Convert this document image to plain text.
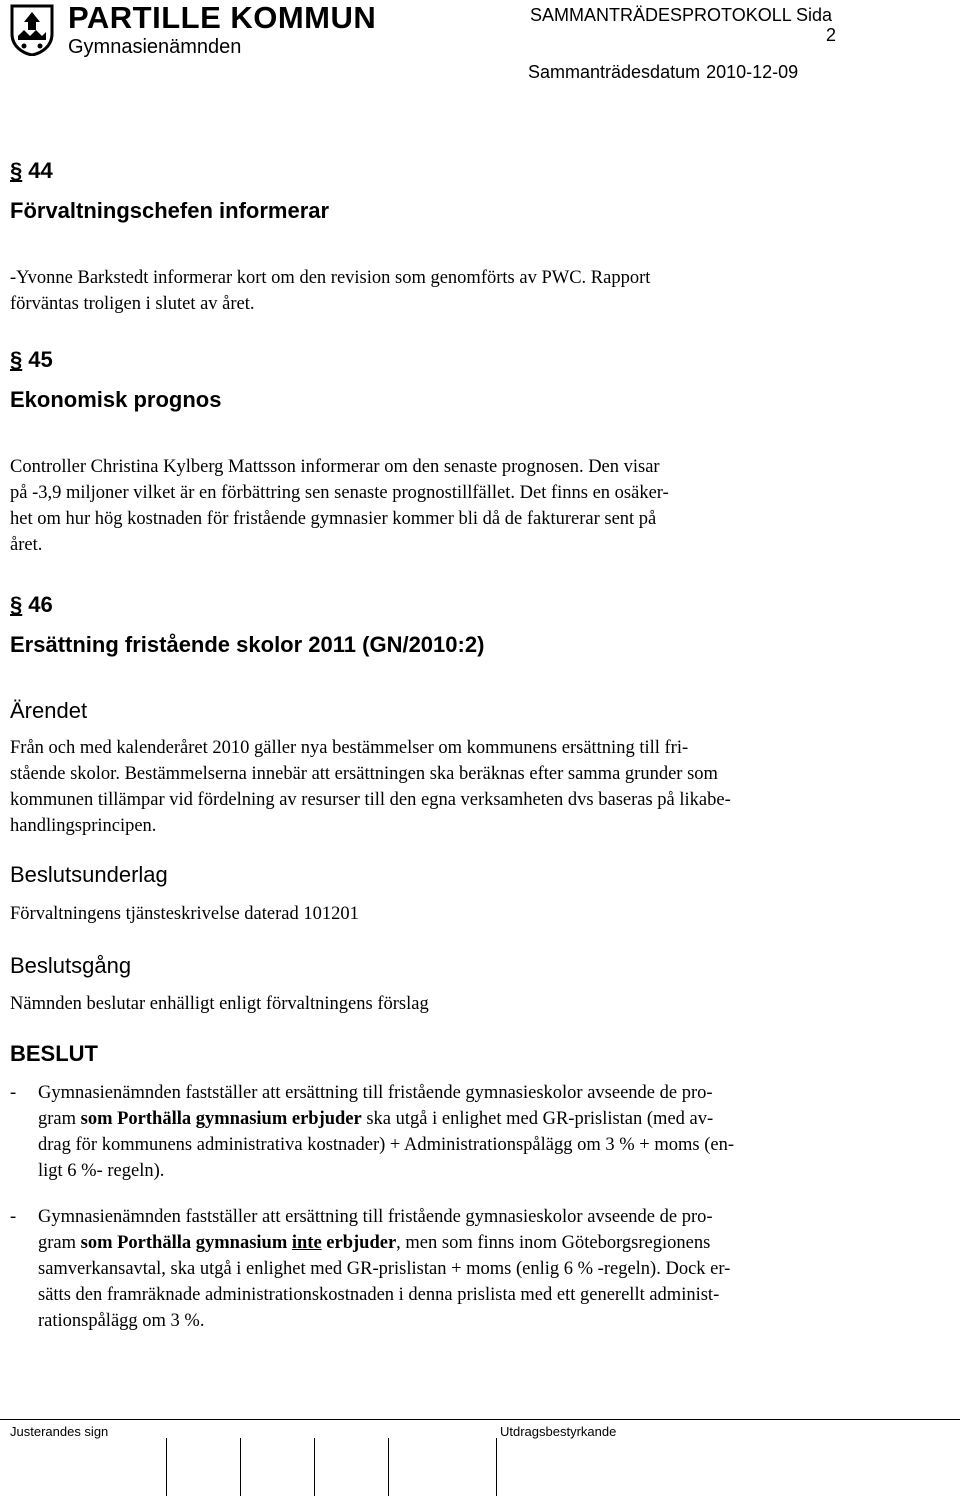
PARTILLE KOMMUN
Gymnasienämnden
SAMMANTRÄDESPROTOKOLL Sida
2
Sammanträdesdatum 2010-12-09
§ 44
Förvaltningschefen informerar

-Yvonne Barkstedt informerar kort om den revision som genomförts av PWC. Rapport

förväntas troligen i slutet av året.

§ 45
Ekonomisk prognos

Controller Christina Kylberg Mattsson informerar om den senaste prognosen. Den visar

på -3,9 miljoner vilket är en förbättring sen senaste prognostillfället. Det finns en osäker-

het om hur hög kostnaden för fristående gymnasier kommer bli då de fakturerar sent på

året.

§ 46
Ersättning fristående skolor 2011 (GN/2010:2)
Ärendet

Från och med kalenderåret 2010 gäller nya bestämmelser om kommunens ersättning till fri-

stående skolor. Bestämmelserna innebär att ersättningen ska beräknas efter samma grunder som

kommunen tillämpar vid fördelning av resurser till den egna verksamheten dvs baseras på likabe-

handlingsprincipen.

Beslutsunderlag

Förvaltningens tjänsteskrivelse daterad 101201

Beslutsgång

Nämnden beslutar enhälligt enligt förvaltningens förslag

BESLUT
- Gymnasienämnden fastställer att ersättning till fristående gymnasieskolor avseende de pro-

gram som Porthälla gymnasium erbjuder ska utgå i enlighet med GR-prislistan (med av-

drag för kommunens administrativa kostnader) + Administrationspålägg om 3 % + moms (en-

ligt 6 %- regeln).

- Gymnasienämnden fastställer att ersättning till fristående gymnasieskolor avseende de pro-

gram som Porthälla gymnasium inte erbjuder, men som finns inom Göteborgsregionens

samverkansavtal, ska utgå i enlighet med GR-prislistan + moms (enlig 6 % -regeln). Dock er-

sätts den framräknade administrationskostnaden i denna prislista med ett generellt administ-

rationspålägg om 3 %.

Justerandes sign	Utdragsbestyrkande
